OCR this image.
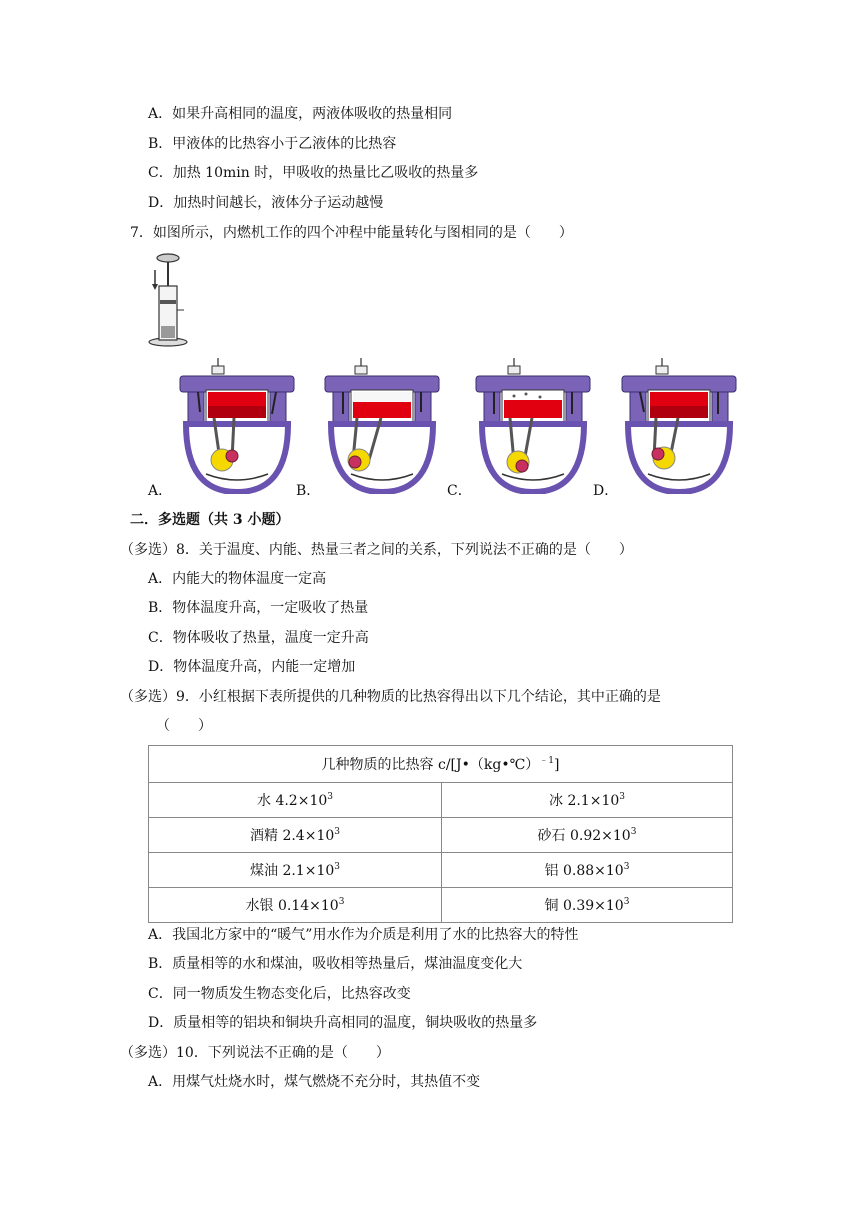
A．如果升高相同的温度，两液体吸收的热量相同
B．甲液体的比热容小于乙液体的比热容
C．加热 10min 时，甲吸收的热量比乙吸收的热量多
D．加热时间越长，液体分子运动越慢
7．如图所示，内燃机工作的四个冲程中能量转化与图相同的是（　　）
A．	B．	C．	D．
二．多选题（共 3 小题）
（多选）8．关于温度、内能、热量三者之间的关系，下列说法不正确的是（　　）
A．内能大的物体温度一定高
B．物体温度升高，一定吸收了热量
C．物体吸收了热量，温度一定升高
D．物体温度升高，内能一定增加
（多选）9．小红根据下表所提供的几种物质的比热容得出以下几个结论，其中正确的是
（　　）
几种物质的比热容 c/[J•（kg•℃）$^{﹣1}$]	
水 $4.2\times 10^3$	冰 $2.1\times 10^3$
酒精 $2.4\times 10^3$	砂石 $0.92\times 10^3$
煤油 $2.1\times 10^3$	铝 $0.88\times 10^3$
水银 $0.14\times 10^3$	铜 $0.39\times 10^3$
A．我国北方家中的“暖气”用水作为介质是利用了水的比热容大的特性
B．质量相等的水和煤油，吸收相等热量后，煤油温度变化大
C．同一物质发生物态变化后，比热容改变
D．质量相等的铝块和铜块升高相同的温度，铜块吸收的热量多
（多选）10．下列说法不正确的是（　　）
A．用煤气灶烧水时，煤气燃烧不充分时，其热值不变
